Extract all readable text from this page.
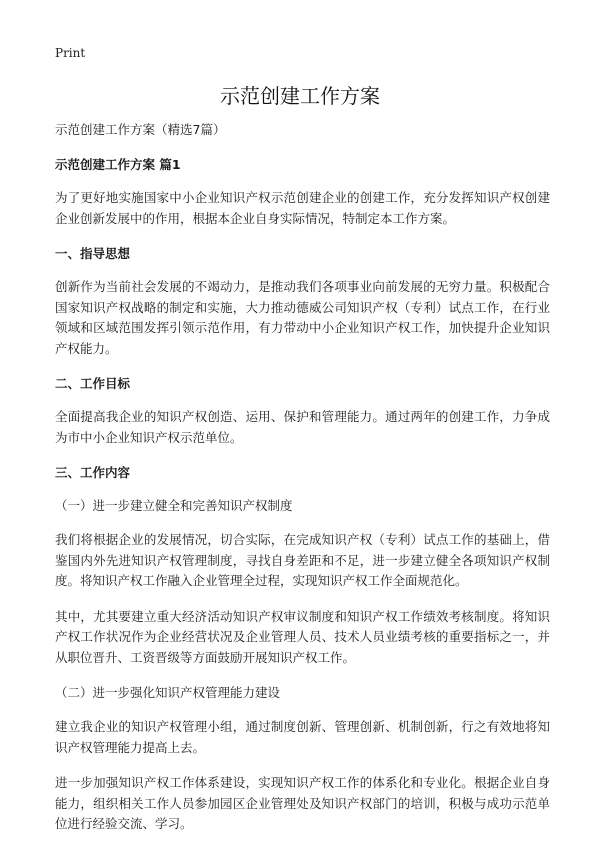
Print
示范创建工作方案

示范创建工作方案（精选7篇）

示范创建工作方案 篇1

为了更好地实施国家中小企业知识产权示范创建企业的创建工作，充分发挥知识产权创建企业创新发展中的作用，根据本企业自身实际情况，特制定本工作方案。

一、指导思想

创新作为当前社会发展的不竭动力，是推动我们各项事业向前发展的无穷力量。积极配合国家知识产权战略的制定和实施，大力推动德威公司知识产权（专利）试点工作，在行业领域和区域范围发挥引领示范作用，有力带动中小企业知识产权工作，加快提升企业知识产权能力。

二、工作目标

全面提高我企业的知识产权创造、运用、保护和管理能力。通过两年的创建工作，力争成为市中小企业知识产权示范单位。

三、工作内容

（一）进一步建立健全和完善知识产权制度

我们将根据企业的发展情况，切合实际，在完成知识产权（专利）试点工作的基础上，借鉴国内外先进知识产权管理制度，寻找自身差距和不足，进一步建立健全各项知识产权制度。将知识产权工作融入企业管理全过程，实现知识产权工作全面规范化。

其中，尤其要建立重大经济活动知识产权审议制度和知识产权工作绩效考核制度。将知识产权工作状况作为企业经营状况及企业管理人员、技术人员业绩考核的重要指标之一，并从职位晋升、工资晋级等方面鼓励开展知识产权工作。

（二）进一步强化知识产权管理能力建设

建立我企业的知识产权管理小组，通过制度创新、管理创新、机制创新，行之有效地将知识产权管理能力提高上去。

进一步加强知识产权工作体系建设，实现知识产权工作的体系化和专业化。根据企业自身能力，组织相关工作人员参加园区企业管理处及知识产权部门的培训，积极与成功示范单位进行经验交流、学习。
